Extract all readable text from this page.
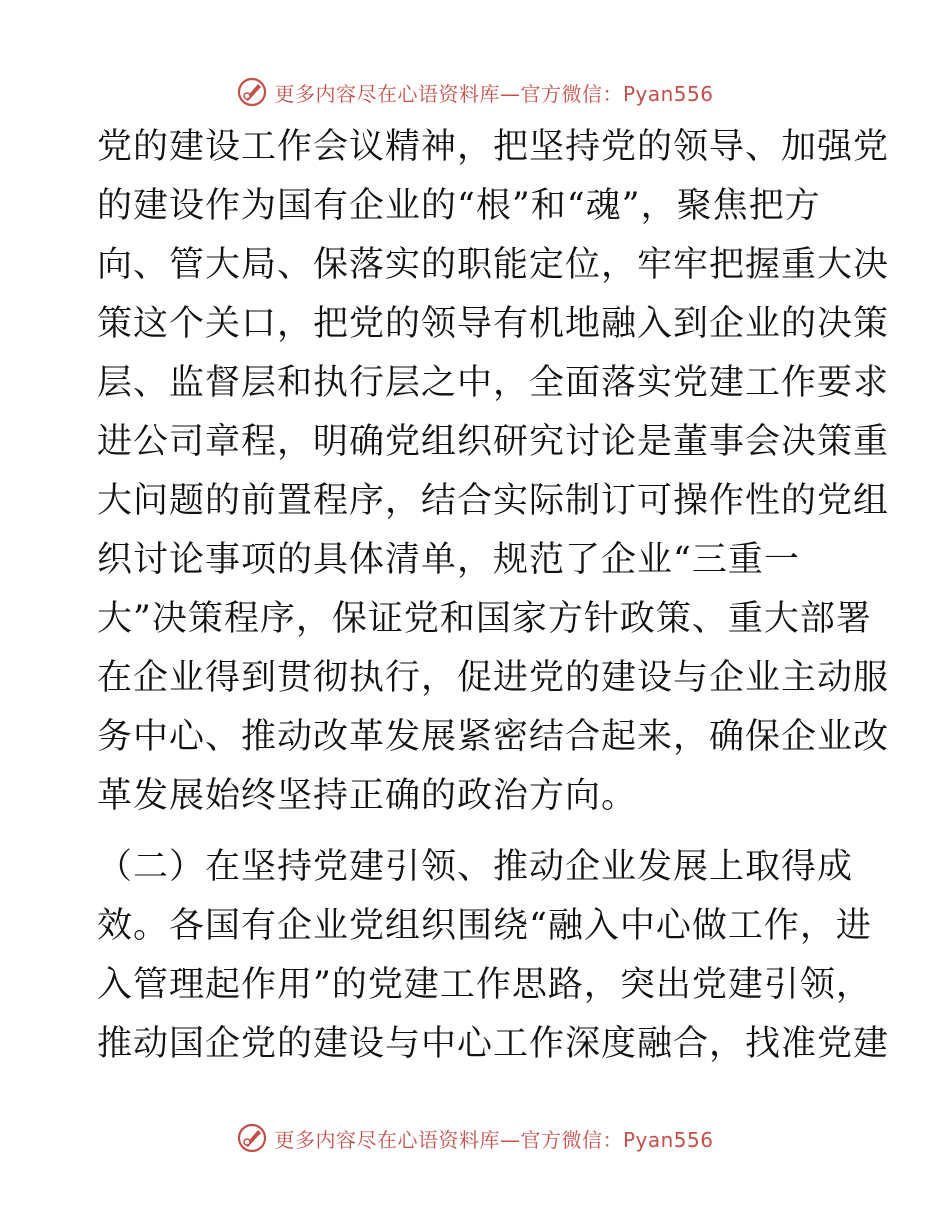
更多内容尽在心语资料库—官方微信：Pyan556
党的建设工作会议精神，把坚持党的领导、加强党
的建设作为国有企业的“根”和“魂”，聚焦把方
向、管大局、保落实的职能定位，牢牢把握重大决
策这个关口，把党的领导有机地融入到企业的决策
层、监督层和执行层之中，全面落实党建工作要求
进公司章程，明确党组织研究讨论是董事会决策重
大问题的前置程序，结合实际制订可操作性的党组
织讨论事项的具体清单，规范了企业“三重一
大”决策程序，保证党和国家方针政策、重大部署
在企业得到贯彻执行，促进党的建设与企业主动服
务中心、推动改革发展紧密结合起来，确保企业改
革发展始终坚持正确的政治方向。
（二）在坚持党建引领、推动企业发展上取得成
效。各国有企业党组织围绕“融入中心做工作，进
入管理起作用”的党建工作思路，突出党建引领，
推动国企党的建设与中心工作深度融合，找准党建
更多内容尽在心语资料库—官方微信：Pyan556
